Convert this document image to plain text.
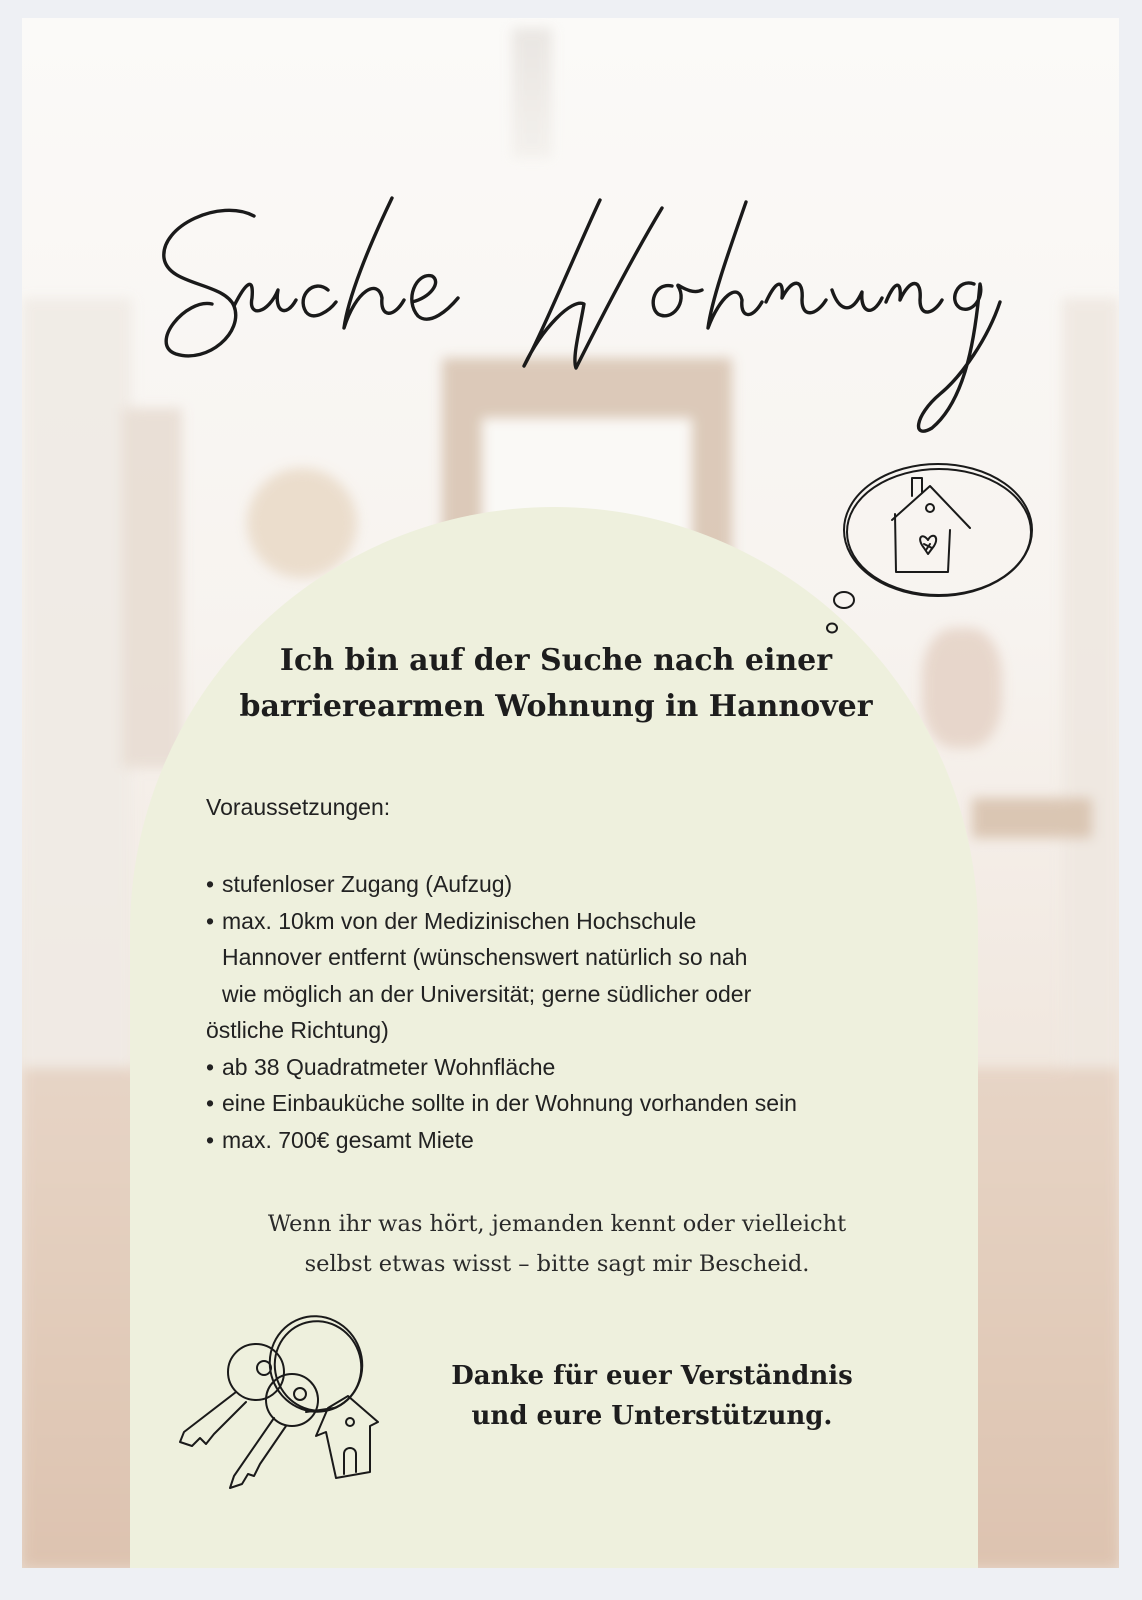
Suche Wohnung
Ich bin auf der Suche nach einer
barrierearmen Wohnung in Hannover

Voraussetzungen:

• stufenloser Zugang (Aufzug)
• max. 10km von der Medizinischen Hochschule
Hannover entfernt (wünschenswert natürlich so nah
wie möglich an der Universität; gerne südlicher oder
östliche Richtung)
• ab 38 Quadratmeter Wohnfläche
• eine Einbauküche sollte in der Wohnung vorhanden sein
• max. 700€ gesamt Miete

Wenn ihr was hört, jemanden kennt oder vielleicht
selbst etwas wisst – bitte sagt mir Bescheid.

Danke für euer Verständnis
und eure Unterstützung.
